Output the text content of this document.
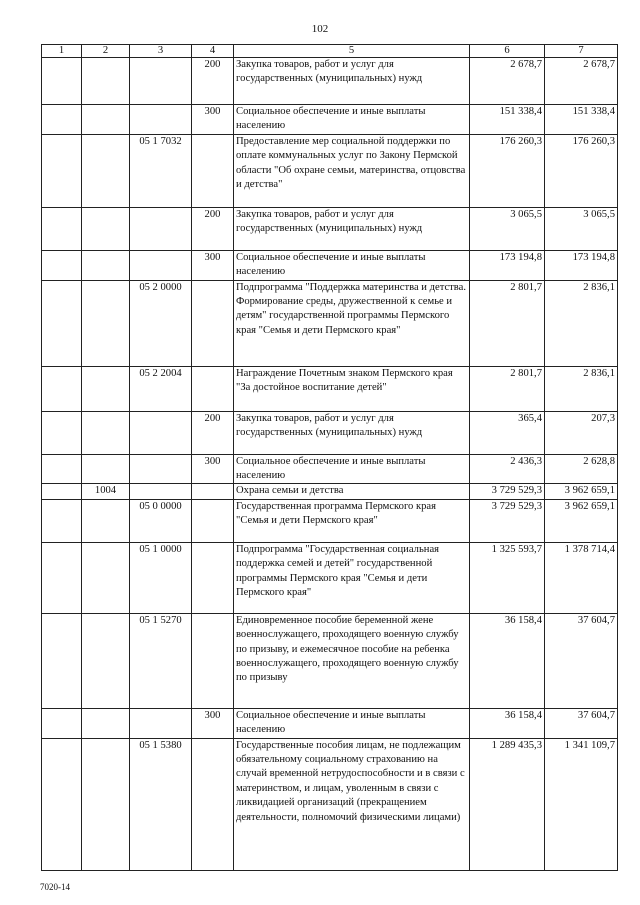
102
1	2	3	4	5	6	7
			200	Закупка товаров, работ и услуг для государственных (муниципальных) нужд	2 678,7	2 678,7
			300	Социальное обеспечение и иные выплаты населению	151 338,4	151 338,4
		05 1 7032		Предоставление мер социальной поддержки по оплате коммунальных услуг по Закону Пермской области "Об охране семьи, материнства, отцовства и детства"	176 260,3	176 260,3
			200	Закупка товаров, работ и услуг для государственных (муниципальных) нужд	3 065,5	3 065,5
			300	Социальное обеспечение и иные выплаты населению	173 194,8	173 194,8
		05 2 0000		Подпрограмма "Поддержка материнства и детства. Формирование среды, дружественной к семье и детям" государственной программы Пермского края "Семья и дети Пермского края"	2 801,7	2 836,1
		05 2 2004		Награждение Почетным знаком Пермского края "За достойное воспитание детей"	2 801,7	2 836,1
			200	Закупка товаров, работ и услуг для государственных (муниципальных) нужд	365,4	207,3
			300	Социальное обеспечение и иные выплаты населению	2 436,3	2 628,8
	1004			Охрана семьи и детства	3 729 529,3	3 962 659,1
		05 0 0000		Государственная программа Пермского края "Семья и дети Пермского края"	3 729 529,3	3 962 659,1
		05 1 0000		Подпрограмма "Государственная социальная поддержка семей и детей" государственной программы Пермского края "Семья и дети Пермского края"	1 325 593,7	1 378 714,4
		05 1 5270		Единовременное пособие беременной жене военнослужащего, проходящего военную службу по призыву, и ежемесячное пособие на ребенка военнослужащего, проходящего военную службу по призыву	36 158,4	37 604,7
			300	Социальное обеспечение и иные выплаты населению	36 158,4	37 604,7
		05 1 5380		Государственные пособия лицам, не подлежащим обязательному социальному страхованию на случай временной нетрудоспособности и в связи с материнством, и лицам, уволенным в связи с ликвидацией организаций (прекращением деятельности, полномочий физическими лицами)	1 289 435,3	1 341 109,7
7020-14
